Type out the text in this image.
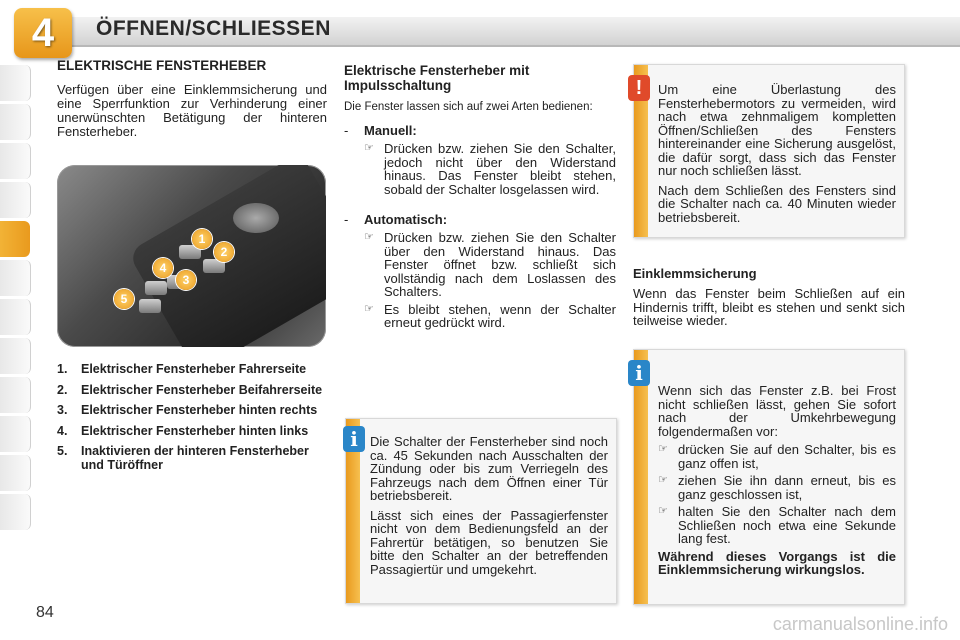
4	ÖFFNEN/SCHLIESSEN
ELEKTRISCHE FENSTERHEBER

Verfügen über eine Einklemmsicherung und eine Sperrfunktion zur Verhinderung einer unerwünschten Betätigung der hinteren Fensterheber.

1
2
3
4
5
1.	Elektrischer Fensterheber Fahrerseite
2.	Elektrischer Fensterheber Beifahrerseite
3.	Elektrischer Fensterheber hinten rechts
4.	Elektrischer Fensterheber hinten links
5.	Inaktivieren der hinteren Fensterheber und Türöffner
Elektrische Fensterheber mit Impulsschaltung
Die Fenster lassen sich auf zwei Arten bedienen:
- Manuell:
☞ Drücken bzw. ziehen Sie den Schalter, jedoch nicht über den Widerstand hinaus. Das Fenster bleibt stehen, sobald der Schalter losgelassen wird.
- Automatisch:
☞ Drücken bzw. ziehen Sie den Schalter über den Widerstand hinaus. Das Fenster öffnet bzw. schließt sich vollständig nach dem Loslassen des Schalters.
☞ Es bleibt stehen, wenn der Schalter erneut gedrückt wird.

Die Schalter der Fensterheber sind noch ca. 45 Sekunden nach Ausschalten der Zündung oder bis zum Verriegeln des Fahrzeugs nach dem Öffnen einer Tür betriebsbereit.

Lässt sich eines der Passagierfenster nicht von dem Bedienungsfeld an der Fahrertür betätigen, so benutzen Sie bitte den Schalter an der betreffenden Passagiertür und umgekehrt.

i

Um eine Überlastung des Fensterhebermotors zu vermeiden, wird nach etwa zehnmaligem kompletten Öffnen/Schließen des Fensters hintereinander eine Sicherung ausgelöst, die dafür sorgt, dass sich das Fenster nur noch schließen lässt.

Nach dem Schließen des Fensters sind die Schalter nach ca. 40 Minuten wieder betriebsbereit.

!
Einklemmsicherung

Wenn das Fenster beim Schließen auf ein Hindernis trifft, bleibt es stehen und senkt sich teilweise wieder.

Wenn sich das Fenster z.B. bei Frost nicht schließen lässt, gehen Sie sofort nach der Umkehrbewegung folgendermaßen vor:

☞ drücken Sie auf den Schalter, bis es ganz offen ist,
☞ ziehen Sie ihn dann erneut, bis es ganz geschlossen ist,
☞ halten Sie den Schalter nach dem Schließen noch etwa eine Sekunde lang fest.

Während dieses Vorgangs ist die Einklemmsicherung wirkungslos.

i
84
carmanualsonline.info
